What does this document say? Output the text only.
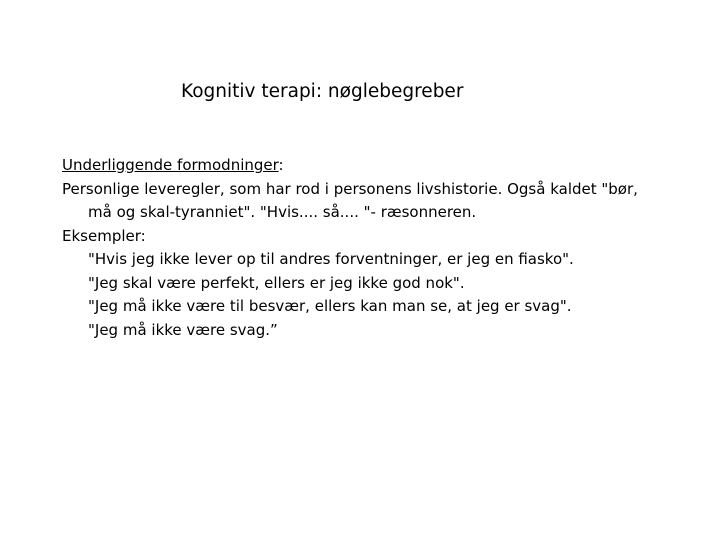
Kognitiv terapi: nøglebegreber
Underliggende formodninger:
Personlige leveregler, som har rod i personens livshistorie. Også kaldet "bør,
må og skal-tyranniet". "Hvis.... så.... "- ræsonneren.
Eksempler:
"Hvis jeg ikke lever op til andres forventninger, er jeg en fiasko".
"Jeg skal være perfekt, ellers er jeg ikke god nok".
"Jeg må ikke være til besvær, ellers kan man se, at jeg er svag".
"Jeg må ikke være svag.”
